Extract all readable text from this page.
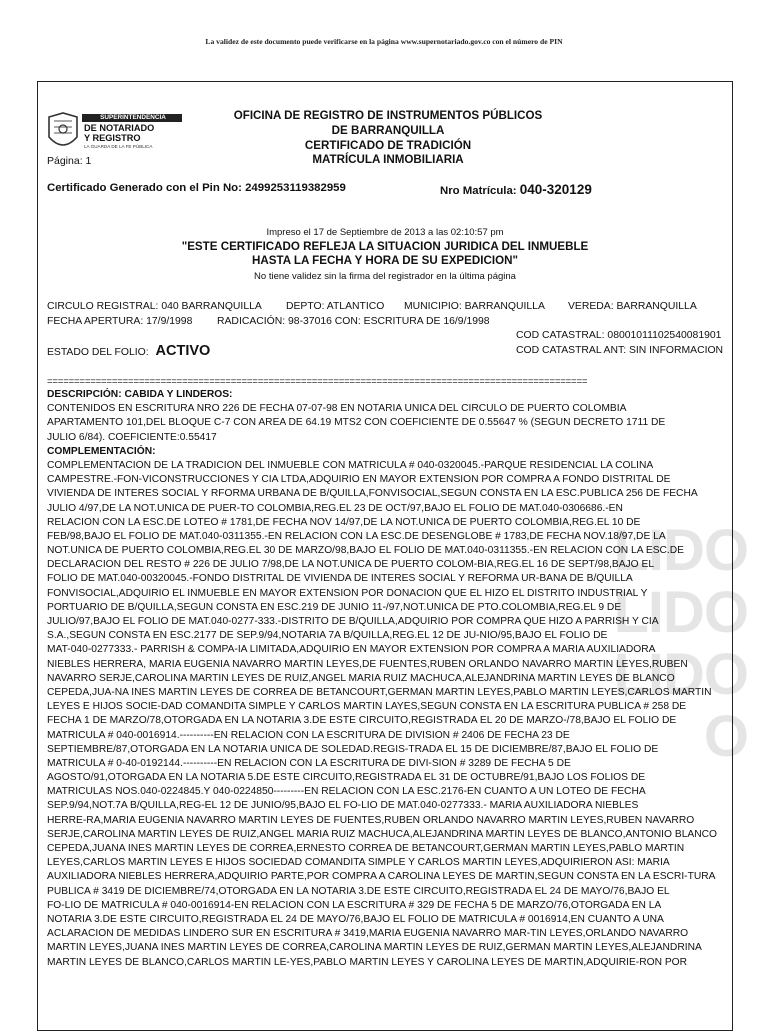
La validez de este documento puede verificarse en la página www.supernotariado.gov.co con el número de PIN
LIDO
LIDO
LIDO
O
SUPERINTENDENCIA
DE NOTARIADO
Y REGISTRO
LA GUARDA DE LA FE PÚBLICA
Página: 1
OFICINA DE REGISTRO DE INSTRUMENTOS PÚBLICOS
DE BARRANQUILLA
CERTIFICADO DE TRADICIÓN
MATRÍCULA INMOBILIARIA
Certificado Generado con el Pin No: 2499253119382959	Nro Matrícula: 040-320129
Impreso el 17 de Septiembre de 2013 a las 02:10:57 pm
"ESTE CERTIFICADO REFLEJA LA SITUACION JURIDICA DEL INMUEBLE
HASTA LA FECHA Y HORA DE SU EXPEDICION"
No tiene validez sin la firma del registrador en la última página
CIRCULO REGISTRAL: 040 BARRANQUILLA DEPTO: ATLANTICO MUNICIPIO: BARRANQUILLA VEREDA: BARRANQUILLA
FECHA APERTURA: 17/9/1998 RADICACIÓN: 98-37016 CON: ESCRITURA DE 16/9/1998
COD CATASTRAL: 08001011102540081901
ESTADO DEL FOLIO: ACTIVO	COD CATASTRAL ANT: SIN INFORMACION
====================================================================================================
DESCRIPCIÓN: CABIDA Y LINDEROS:
CONTENIDOS EN ESCRITURA NRO 226 DE FECHA 07-07-98 EN NOTARIA UNICA DEL CIRCULO DE PUERTO COLOMBIA
APARTAMENTO 101,DEL BLOQUE C-7 CON AREA DE 64.19 MTS2 CON COEFICIENTE DE 0.55647 % (SEGUN DECRETO 1711 DE
JULIO 6/84). COEFICIENTE:0.55417
COMPLEMENTACIÓN:
COMPLEMENTACION DE LA TRADICION DEL INMUEBLE CON MATRICULA # 040-0320045.-PARQUE RESIDENCIAL LA COLINA
CAMPESTRE.-FON-VICONSTRUCCIONES Y CIA LTDA,ADQUIRIO EN MAYOR EXTENSION POR COMPRA A FONDO DISTRITAL DE
VIVIENDA DE INTERES SOCIAL Y RFORMA URBANA DE B/QUILLA,FONVISOCIAL,SEGUN CONSTA EN LA ESC.PUBLICA 256 DE FECHA
JULIO 4/97,DE LA NOT.UNICA DE PUER-TO COLOMBIA,REG.EL 23 DE OCT/97,BAJO EL FOLIO DE MAT.040-0306686.-EN
RELACION CON LA ESC.DE LOTEO # 1781,DE FECHA NOV 14/97,DE LA NOT.UNICA DE PUERTO COLOMBIA,REG.EL 10 DE
FEB/98,BAJO EL FOLIO DE MAT.040-0311355.-EN RELACION CON LA ESC.DE DESENGLOBE # 1783,DE FECHA NOV.18/97,DE LA
NOT.UNICA DE PUERTO COLOMBIA,REG.EL 30 DE MARZO/98,BAJO EL FOLIO DE MAT.040-0311355.-EN RELACION CON LA ESC.DE
DECLARACION DEL RESTO # 226 DE JULIO 7/98,DE LA NOT.UNICA DE PUERTO COLOM-BIA,REG.EL 16 DE SEPT/98,BAJO EL
FOLIO DE MAT.040-00320045.-FONDO DISTRITAL DE VIVIENDA DE INTERES SOCIAL Y REFORMA UR-BANA DE B/QUILLA
FONVISOCIAL,ADQUIRIO EL INMUEBLE EN MAYOR EXTENSION POR DONACION QUE EL HIZO EL DISTRITO INDUSTRIAL Y
PORTUARIO DE B/QUILLA,SEGUN CONSTA EN ESC.219 DE JUNIO 11-/97,NOT.UNICA DE PTO.COLOMBIA,REG.EL 9 DE
JULIO/97,BAJO EL FOLIO DE MAT.040-0277-333.-DISTRITO DE B/QUILLA,ADQUIRIO POR COMPRA QUE HIZO A PARRISH Y CIA
S.A.,SEGUN CONSTA EN ESC.2177 DE SEP.9/94,NOTARIA 7A B/QUILLA,REG.EL 12 DE JU-NIO/95,BAJO EL FOLIO DE
MAT-040-0277333.- PARRISH & COMPA-IA LIMITADA,ADQUIRIO EN MAYOR EXTENSION POR COMPRA A MARIA AUXILIADORA
NIEBLES HERRERA, MARIA EUGENIA NAVARRO MARTIN LEYES,DE FUENTES,RUBEN ORLANDO NAVARRO MARTIN LEYES,RUBEN
NAVARRO SERJE,CAROLINA MARTIN LEYES DE RUIZ,ANGEL MARIA RUIZ MACHUCA,ALEJANDRINA MARTIN LEYES DE BLANCO
CEPEDA,JUA-NA INES MARTIN LEYES DE CORREA DE BETANCOURT,GERMAN MARTIN LEYES,PABLO MARTIN LEYES,CARLOS MARTIN
LEYES E HIJOS SOCIE-DAD COMANDITA SIMPLE Y CARLOS MARTIN LAYES,SEGUN CONSTA EN LA ESCRITURA PUBLICA # 258 DE
FECHA 1 DE MARZO/78,OTORGADA EN LA NOTARIA 3.DE ESTE CIRCUITO,REGISTRADA EL 20 DE MARZO-/78,BAJO EL FOLIO DE
MATRICULA # 040-0016914.----------EN RELACION CON LA ESCRITURA DE DIVISION # 2406 DE FECHA 23 DE
SEPTIEMBRE/87,OTORGADA EN LA NOTARIA UNICA DE SOLEDAD.REGIS-TRADA EL 15 DE DICIEMBRE/87,BAJO EL FOLIO DE
MATRICULA # 0-40-0192144.----------EN RELACION CON LA ESCRITURA DE DIVI-SION # 3289 DE FECHA 5 DE
AGOSTO/91,OTORGADA EN LA NOTARIA 5.DE ESTE CIRCUITO,REGISTRADA EL 31 DE OCTUBRE/91,BAJO LOS FOLIOS DE
MATRICULAS NOS.040-0224845.Y 040-0224850---------EN RELACION CON LA ESC.2176-EN CUANTO A UN LOTEO DE FECHA
SEP.9/94,NOT.7A B/QUILLA,REG-EL 12 DE JUNIO/95,BAJO EL FO-LIO DE MAT.040-0277333.- MARIA AUXILIADORA NIEBLES
HERRE-RA,MARIA EUGENIA NAVARRO MARTIN LEYES DE FUENTES,RUBEN ORLANDO NAVARRO MARTIN LEYES,RUBEN NAVARRO
SERJE,CAROLINA MARTIN LEYES DE RUIZ,ANGEL MARIA RUIZ MACHUCA,ALEJANDRINA MARTIN LEYES DE BLANCO,ANTONIO BLANCO
CEPEDA,JUANA INES MARTIN LEYES DE CORREA,ERNESTO CORREA DE BETANCOURT,GERMAN MARTIN LEYES,PABLO MARTIN
LEYES,CARLOS MARTIN LEYES E HIJOS SOCIEDAD COMANDITA SIMPLE Y CARLOS MARTIN LEYES,ADQUIRIERON ASI: MARIA
AUXILIADORA NIEBLES HERRERA,ADQUIRIO PARTE,POR COMPRA A CAROLINA LEYES DE MARTIN,SEGUN CONSTA EN LA ESCRI-TURA
PUBLICA # 3419 DE DICIEMBRE/74,OTORGADA EN LA NOTARIA 3.DE ESTE CIRCUITO,REGISTRADA EL 24 DE MAYO/76,BAJO EL
FO-LIO DE MATRICULA # 040-0016914-EN RELACION CON LA ESCRITURA # 329 DE FECHA 5 DE MARZO/76,OTORGADA EN LA
NOTARIA 3.DE ESTE CIRCUITO,REGISTRADA EL 24 DE MAYO/76,BAJO EL FOLIO DE MATRICULA # 0016914,EN CUANTO A UNA
ACLARACION DE MEDIDAS LINDERO SUR EN ESCRITURA # 3419,MARIA EUGENIA NAVARRO MAR-TIN LEYES,ORLANDO NAVARRO
MARTIN LEYES,JUANA INES MARTIN LEYES DE CORREA,CAROLINA MARTIN LEYES DE RUIZ,GERMAN MARTIN LEYES,ALEJANDRINA
MARTIN LEYES DE BLANCO,CARLOS MARTIN LE-YES,PABLO MARTIN LEYES Y CAROLINA LEYES DE MARTIN,ADQUIRIE-RON POR
